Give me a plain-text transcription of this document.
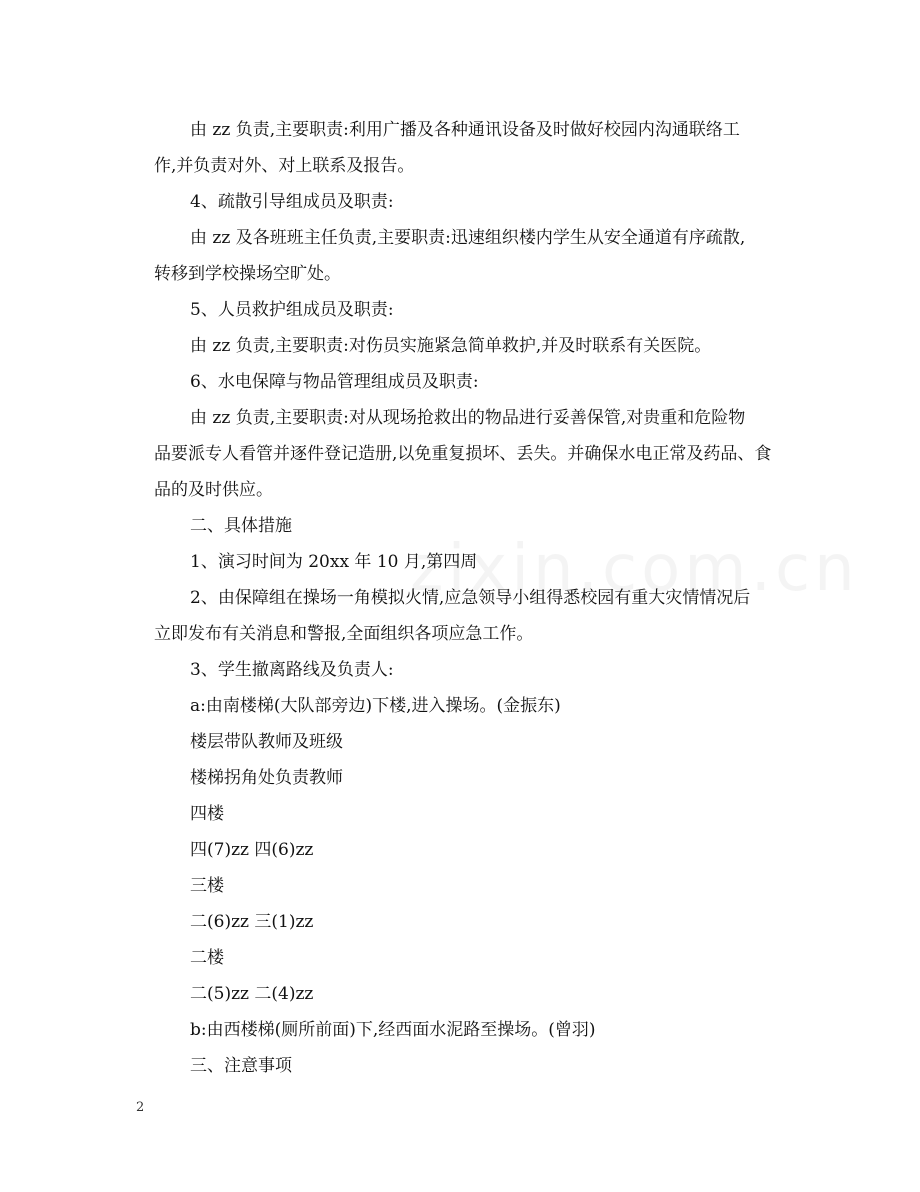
由 zz 负责,主要职责:利用广播及各种通讯设备及时做好校园内沟通联络工
作,并负责对外、对上联系及报告。
4、疏散引导组成员及职责:
由 zz 及各班班主任负责,主要职责:迅速组织楼内学生从安全通道有序疏散,
转移到学校操场空旷处。
5、人员救护组成员及职责:
由 zz 负责,主要职责:对伤员实施紧急简单救护,并及时联系有关医院。
6、水电保障与物品管理组成员及职责:
由 zz 负责,主要职责:对从现场抢救出的物品进行妥善保管,对贵重和危险物
品要派专人看管并逐件登记造册,以免重复损坏、丢失。并确保水电正常及药品、食
品的及时供应。
二、具体措施
1、演习时间为 20xx 年 10 月,第四周
2、由保障组在操场一角模拟火情,应急领导小组得悉校园有重大灾情情况后
立即发布有关消息和警报,全面组织各项应急工作。
3、学生撤离路线及负责人:
a:由南楼梯(大队部旁边)下楼,进入操场。(金振东)
楼层带队教师及班级
楼梯拐角处负责教师
四楼
四(7)zz 四(6)zz
三楼
二(6)zz 三(1)zz
二楼
二(5)zz 二(4)zz
b:由西楼梯(厕所前面)下,经西面水泥路至操场。(曾羽)
三、注意事项
2
